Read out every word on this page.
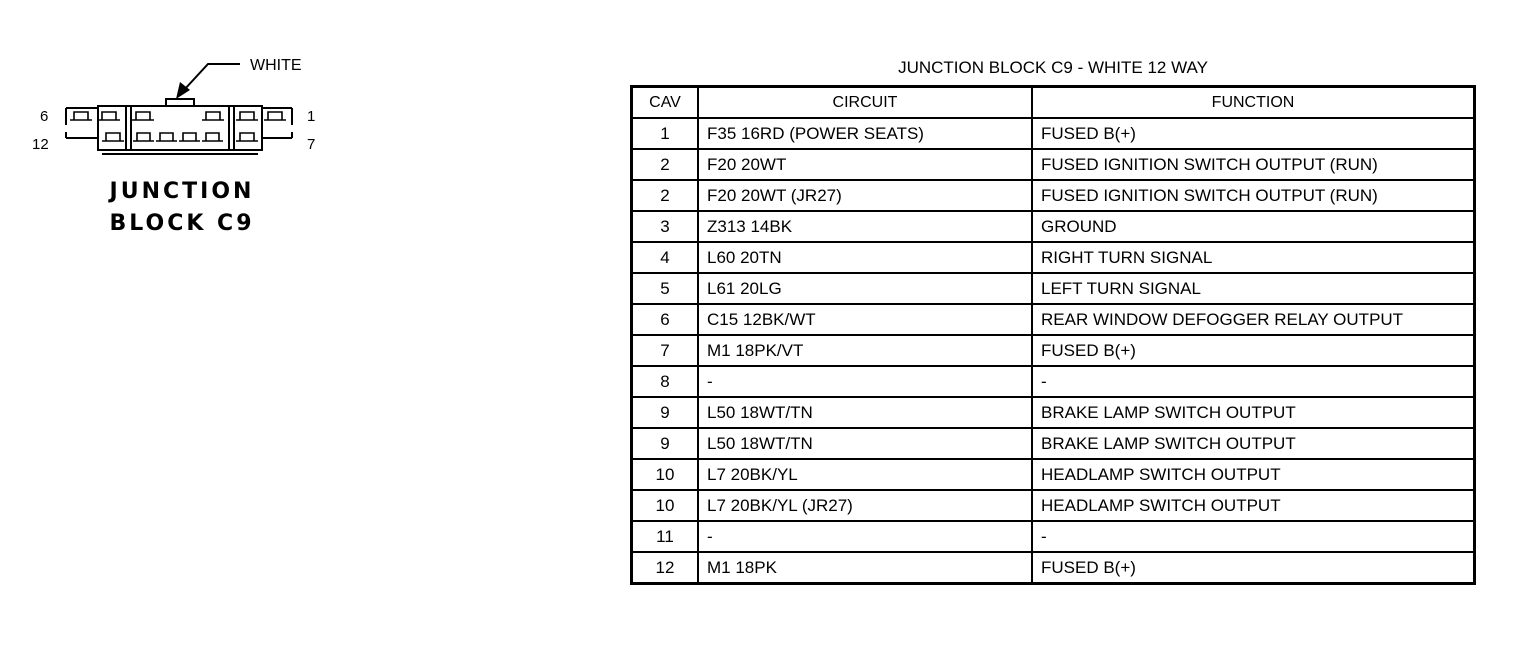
WHITE
6
12
1
7
JUNCTION
BLOCK C9
JUNCTION BLOCK C9 - WHITE 12 WAY
CAV	CIRCUIT	FUNCTION
1	F35 16RD (POWER SEATS)	FUSED B(+)
2	F20 20WT	FUSED IGNITION SWITCH OUTPUT (RUN)
2	F20 20WT (JR27)	FUSED IGNITION SWITCH OUTPUT (RUN)
3	Z313 14BK	GROUND
4	L60 20TN	RIGHT TURN SIGNAL
5	L61 20LG	LEFT TURN SIGNAL
6	C15 12BK/WT	REAR WINDOW DEFOGGER RELAY OUTPUT
7	M1 18PK/VT	FUSED B(+)
8	-	-
9	L50 18WT/TN	BRAKE LAMP SWITCH OUTPUT
9	L50 18WT/TN	BRAKE LAMP SWITCH OUTPUT
10	L7 20BK/YL	HEADLAMP SWITCH OUTPUT
10	L7 20BK/YL (JR27)	HEADLAMP SWITCH OUTPUT
11	-	-
12	M1 18PK	FUSED B(+)
